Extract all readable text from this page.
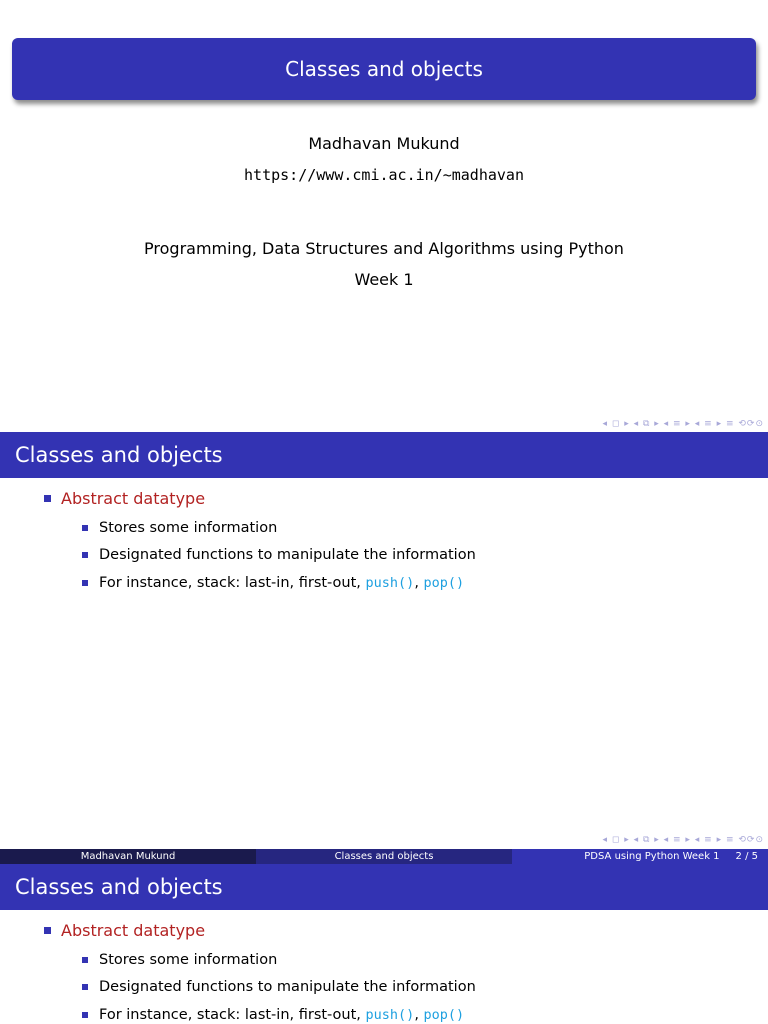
Classes and objects
Madhavan Mukund
https://www.cmi.ac.in/~madhavan
Programming, Data Structures and Algorithms using Python
Week 1
◂ ◻ ▸ ◂ ⧉ ▸ ◂ ≡ ▸ ◂ ≡ ▸ ≡ ⟲⟳⊙
Classes and objects
Abstract datatype
Stores some information
Designated functions to manipulate the information
For instance, stack: last-in, first-out,
push() ,
pop()
◂ ◻ ▸ ◂ ⧉ ▸ ◂ ≡ ▸ ◂ ≡ ▸ ≡ ⟲⟳⊙
Madhavan Mukund	Classes and objects	PDSA using Python Week 1 2 / 5
Classes and objects
Abstract datatype
Stores some information
Designated functions to manipulate the information
For instance, stack: last-in, first-out,
push() ,
pop()
